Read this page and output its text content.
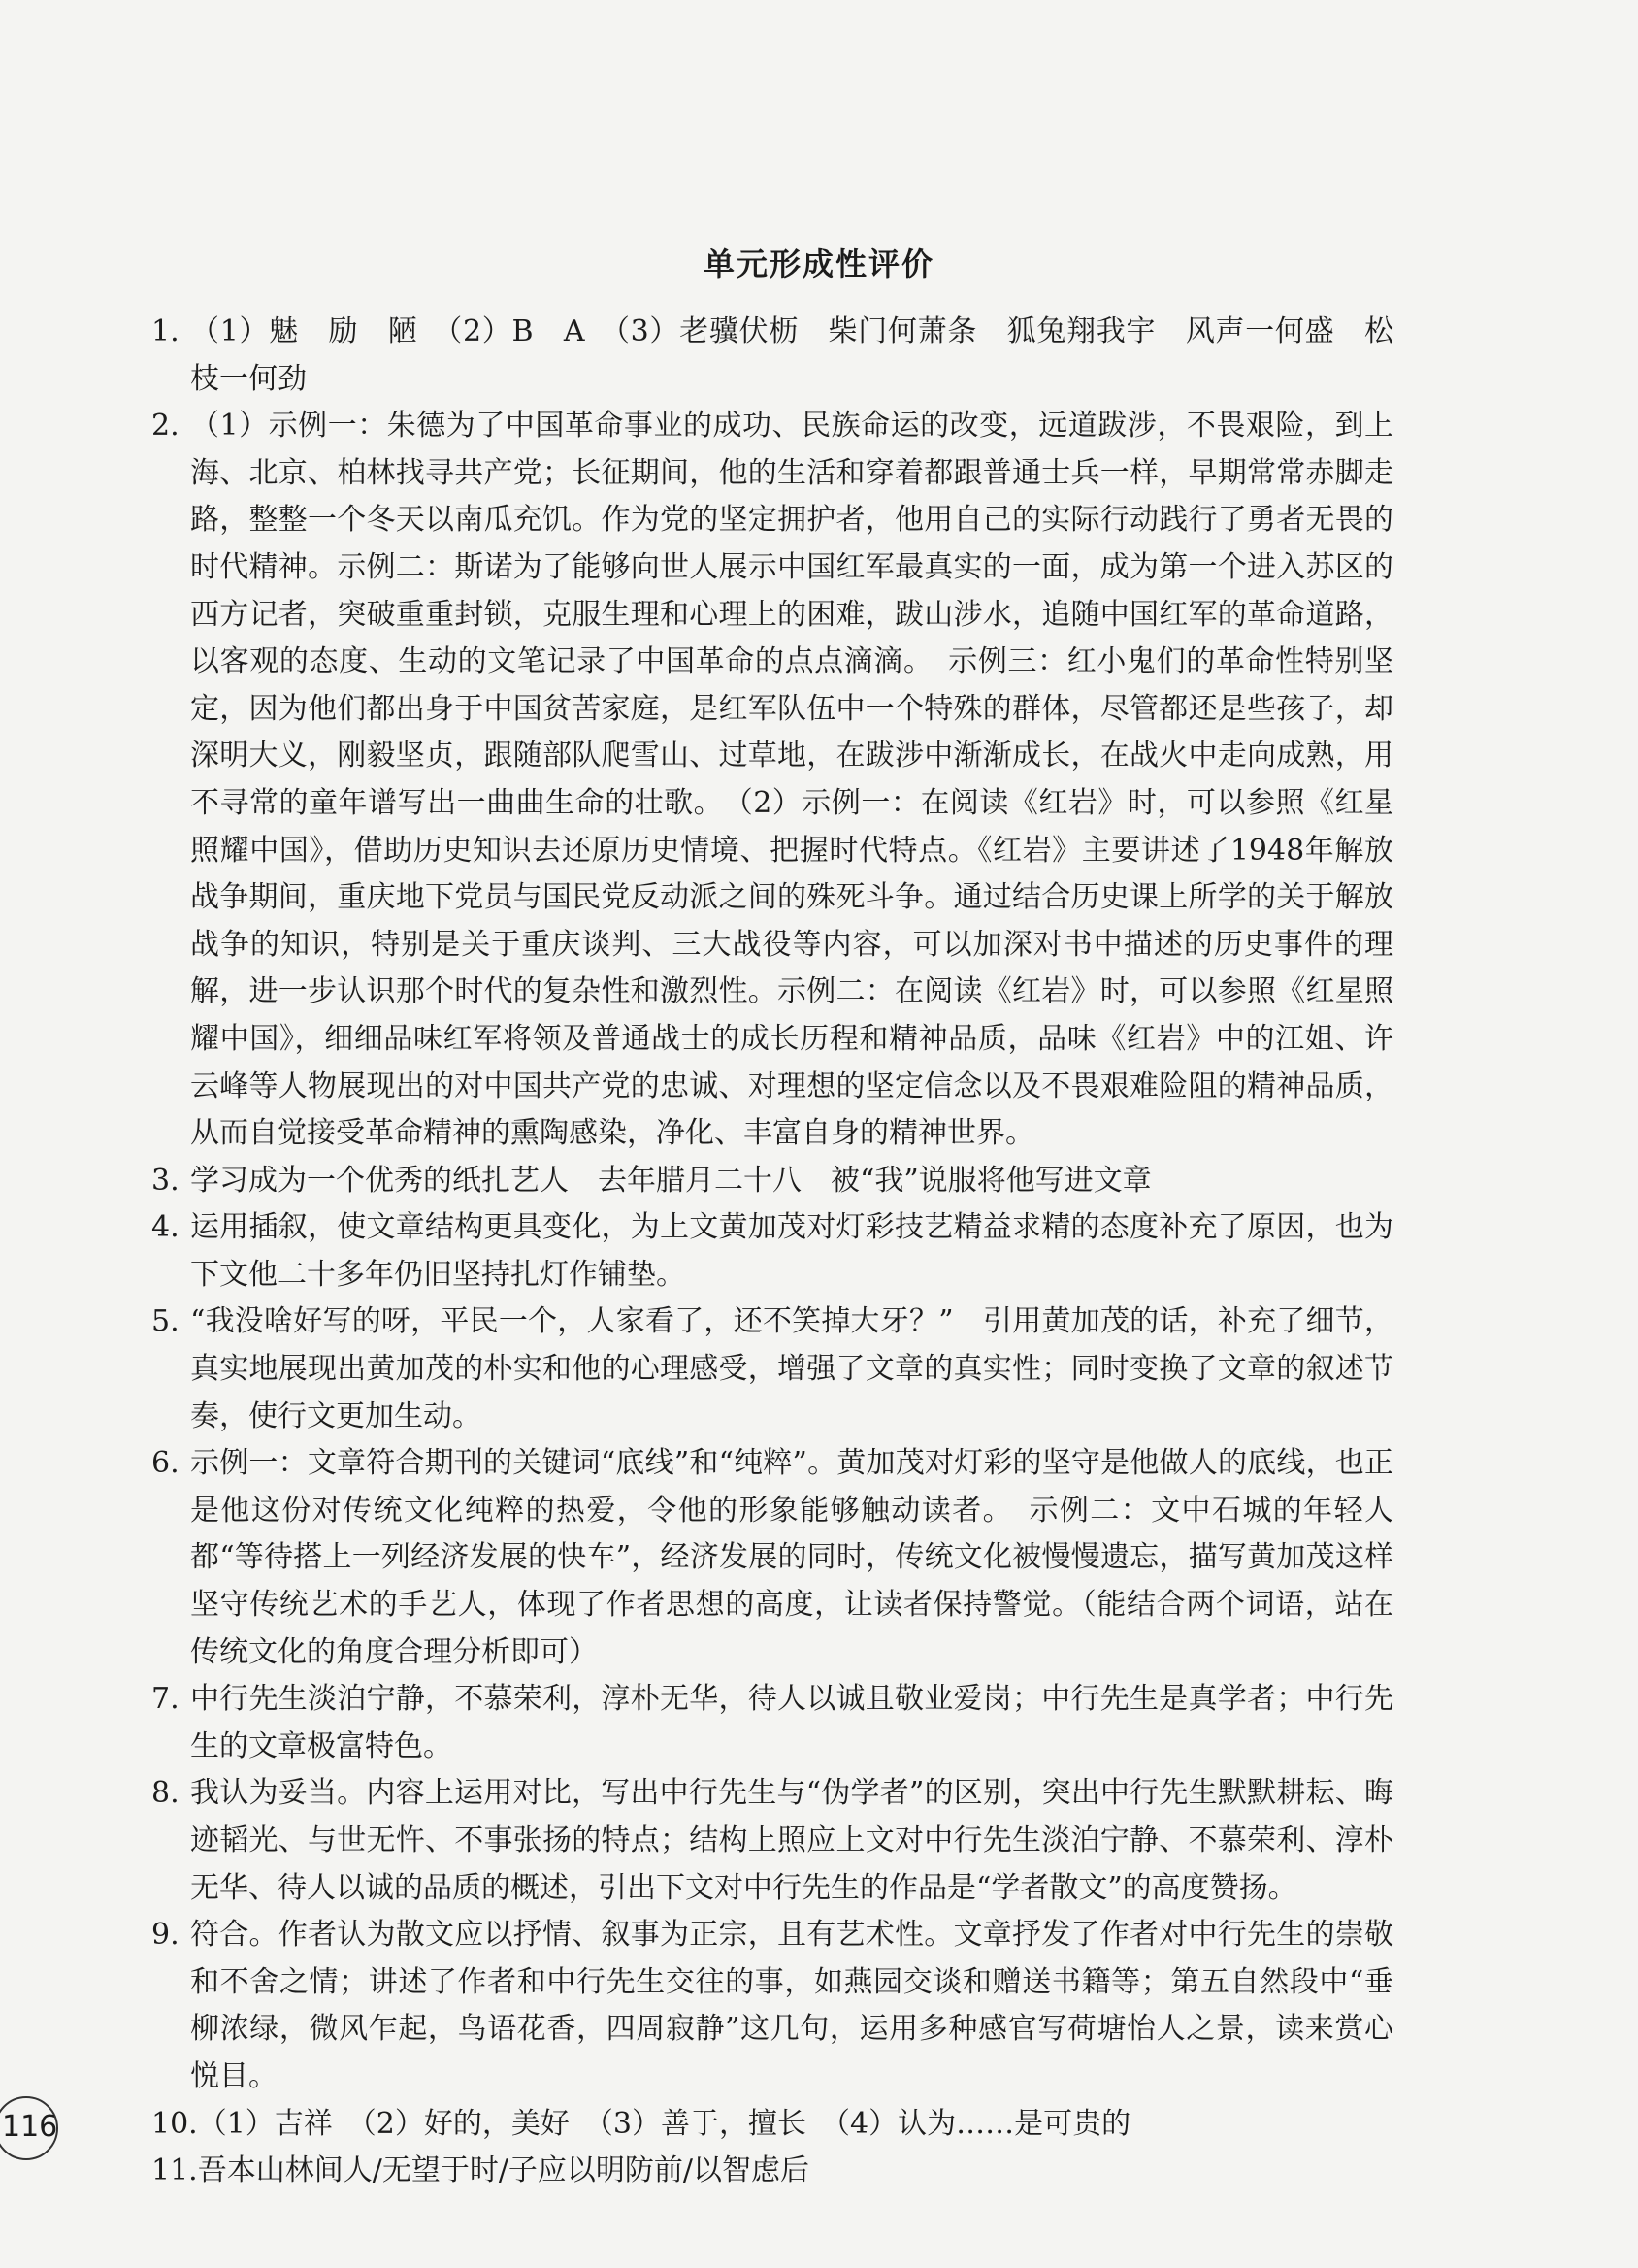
单元形成性评价
1. （1）魅　励　陋　（2）B　A　（3）老骥伏枥　柴门何萧条　狐兔翔我宇　风声一何盛　松枝一何劲
2. （1）示例一：朱德为了中国革命事业的成功、民族命运的改变，远道跋涉，不畏艰险，到上海、北京、柏林找寻共产党；长征期间，他的生活和穿着都跟普通士兵一样，早期常常赤脚走路，整整一个冬天以南瓜充饥。作为党的坚定拥护者，他用自己的实际行动践行了勇者无畏的时代精神。示例二：斯诺为了能够向世人展示中国红军最真实的一面，成为第一个进入苏区的西方记者，突破重重封锁，克服生理和心理上的困难，跋山涉水，追随中国红军的革命道路，以客观的态度、生动的文笔记录了中国革命的点点滴滴。　示例三：红小鬼们的革命性特别坚定，因为他们都出身于中国贫苦家庭，是红军队伍中一个特殊的群体，尽管都还是些孩子，却深明大义，刚毅坚贞，跟随部队爬雪山、过草地，在跋涉中渐渐成长，在战火中走向成熟，用不寻常的童年谱写出一曲曲生命的壮歌。　（2）示例一：在阅读《红岩》时，可以参照《红星照耀中国》，借助历史知识去还原历史情境、把握时代特点。《红岩》主要讲述了1948年解放战争期间，重庆地下党员与国民党反动派之间的殊死斗争。通过结合历史课上所学的关于解放战争的知识，特别是关于重庆谈判、三大战役等内容，可以加深对书中描述的历史事件的理解，进一步认识那个时代的复杂性和激烈性。示例二：在阅读《红岩》时，可以参照《红星照耀中国》，细细品味红军将领及普通战士的成长历程和精神品质，品味《红岩》中的江姐、许云峰等人物展现出的对中国共产党的忠诚、对理想的坚定信念以及不畏艰难险阻的精神品质，从而自觉接受革命精神的熏陶感染，净化、丰富自身的精神世界。
3. 学习成为一个优秀的纸扎艺人　去年腊月二十八　被“我”说服将他写进文章
4. 运用插叙，使文章结构更具变化，为上文黄加茂对灯彩技艺精益求精的态度补充了原因，也为下文他二十多年仍旧坚持扎灯作铺垫。
5. “我没啥好写的呀，平民一个，人家看了，还不笑掉大牙？”　引用黄加茂的话，补充了细节，真实地展现出黄加茂的朴实和他的心理感受，增强了文章的真实性；同时变换了文章的叙述节奏，使行文更加生动。
6. 示例一：文章符合期刊的关键词“底线”和“纯粹”。黄加茂对灯彩的坚守是他做人的底线，也正是他这份对传统文化纯粹的热爱，令他的形象能够触动读者。　示例二：文中石城的年轻人都“等待搭上一列经济发展的快车”，经济发展的同时，传统文化被慢慢遗忘，描写黄加茂这样坚守传统艺术的手艺人，体现了作者思想的高度，让读者保持警觉。（能结合两个词语，站在传统文化的角度合理分析即可）
7. 中行先生淡泊宁静，不慕荣利，淳朴无华，待人以诚且敬业爱岗；中行先生是真学者；中行先生的文章极富特色。
8. 我认为妥当。内容上运用对比，写出中行先生与“伪学者”的区别，突出中行先生默默耕耘、晦迹韬光、与世无忤、不事张扬的特点；结构上照应上文对中行先生淡泊宁静、不慕荣利、淳朴无华、待人以诚的品质的概述，引出下文对中行先生的作品是“学者散文”的高度赞扬。
9. 符合。作者认为散文应以抒情、叙事为正宗，且有艺术性。文章抒发了作者对中行先生的崇敬和不舍之情；讲述了作者和中行先生交往的事，如燕园交谈和赠送书籍等；第五自然段中“垂柳浓绿，微风乍起，鸟语花香，四周寂静”这几句，运用多种感官写荷塘怡人之景，读来赏心悦目。
10. （1）吉祥　（2）好的，美好　（3）善于，擅长　（4）认为……是可贵的
11. 吾本山林间人/无望于时/子应以明防前/以智虑后
116
